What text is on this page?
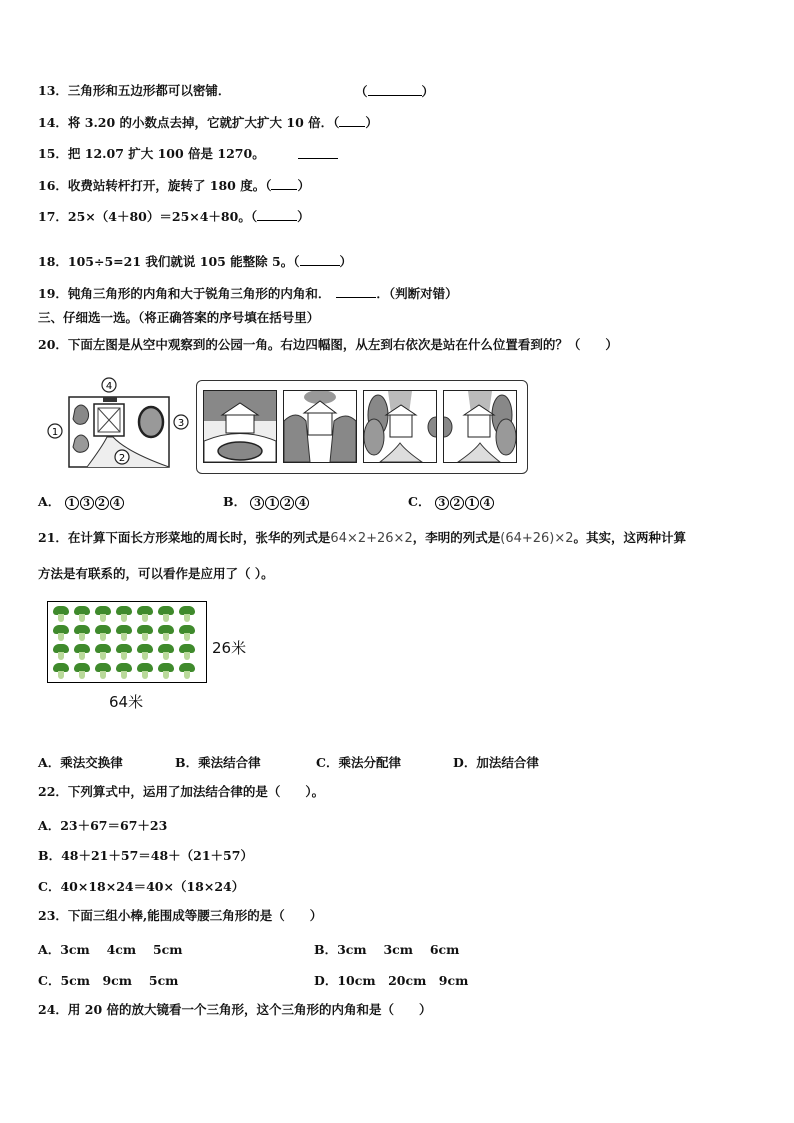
13．三角形和五边形都可以密铺．	（	）
14．将 3.20 的小数点去掉，它就扩大扩大 10 倍．（ ）
15．把 12.07 扩大 100 倍是 1270。
16．收费站转杆打开，旋转了 180 度。（ ）
17．25×（4＋80）＝25×4＋80。（	）
18．105÷5=21 我们就说 105 能整除 5。（	）
19．钝角三角形的内角和大于锐角三角形的内角和．	．（判断对错）
三、仔细选一选。（将正确答案的序号填在括号里）
20．下面左图是从空中观察到的公园一角。右边四幅图，从左到右依次是站在什么位置看到的？（　　）
4
2
1
3
A． 1 3 2 4	B． 3 1 2 4	C． 3 2 1 4
21．在计算下面长方形菜地的周长时，张华的列式是64×2+26×2，李明的列式是(64+26)×2。其实，这两种计算
方法是有联系的，可以看作是应用了（ ）。
26米
64米
A．乘法交换律	B．乘法结合律	C．乘法分配律	D．加法结合律
22．下列算式中，运用了加法结合律的是（　　）。
A．23＋67＝67＋23
B．48＋21＋57＝48＋（21＋57）
C．40×18×24＝40×（18×24）
23．下面三组小棒,能围成等腰三角形的是（　　）
A．3cm　 4cm　 5cm	B．3cm　 3cm　 6cm
C．5cm　9cm　 5cm	D．10cm　20cm　9cm
24．用 20 倍的放大镜看一个三角形，这个三角形的内角和是（　　）
